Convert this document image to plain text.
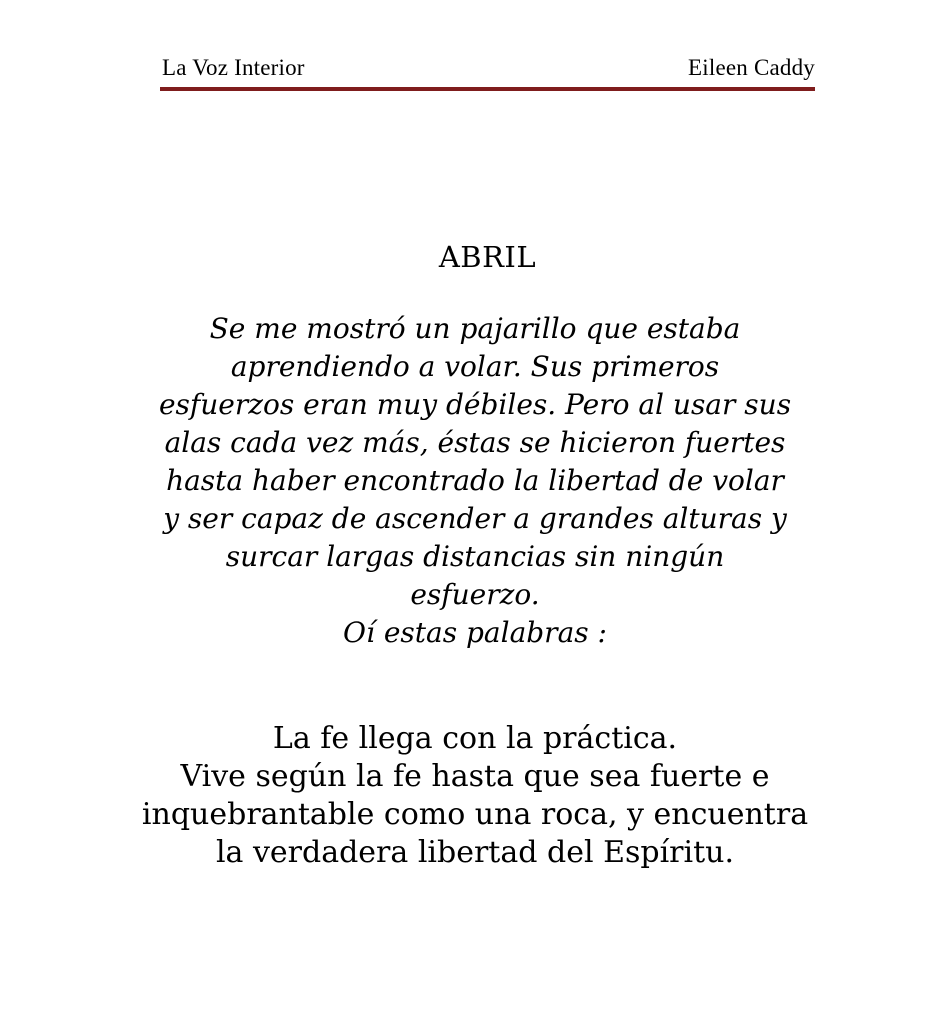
La Voz Interior	Eileen Caddy
ABRIL
Se me mostró un pajarillo que estaba
aprendiendo a volar. Sus primeros
esfuerzos eran muy débiles. Pero al usar sus
alas cada vez más, éstas se hicieron fuertes
hasta haber encontrado la libertad de volar
y ser capaz de ascender a grandes alturas y
surcar largas distancias sin ningún
esfuerzo.
Oí estas palabras :
La fe llega con la práctica.
Vive según la fe hasta que sea fuerte e
inquebrantable como una roca, y encuentra
la verdadera libertad del Espíritu.
